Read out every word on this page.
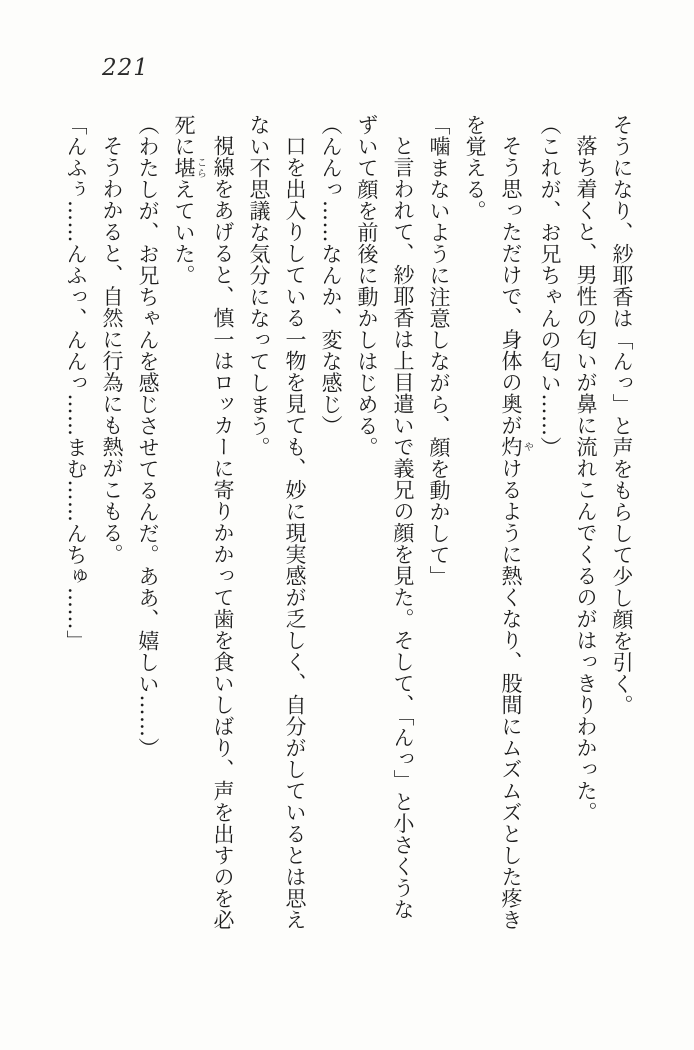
221
そうになり、紗耶香は「んっ」と声をもらして少し顔を引く。
落ち着くと、男性の匂いが鼻に流れこんでくるのがはっきりわかった。
（これが、お兄ちゃんの匂い……）
そう思っただけで、身体の奥が灼やけるように熱くなり、股間にムズムズとした疼き
を覚える。
「噛まないように注意しながら、顔を動かして」
と言われて、紗耶香は上目遣いで義兄の顔を見た。そして、「んっ」と小さくうな
ずいて顔を前後に動かしはじめる。
（んんっ……なんか、変な感じ）
口を出入りしている一物を見ても、妙に現実感が乏しく、自分がしているとは思え
ない不思議な気分になってしまう。
視線をあげると、慎一はロッカーに寄りかかって歯を食いしばり、声を出すのを必
死に堪こらえていた。
（わたしが、お兄ちゃんを感じさせてるんだ。ああ、嬉しい……）
そうわかると、自然に行為にも熱がこもる。
「んふぅ……んふっ、んんっ……まむ……んちゅ……」
